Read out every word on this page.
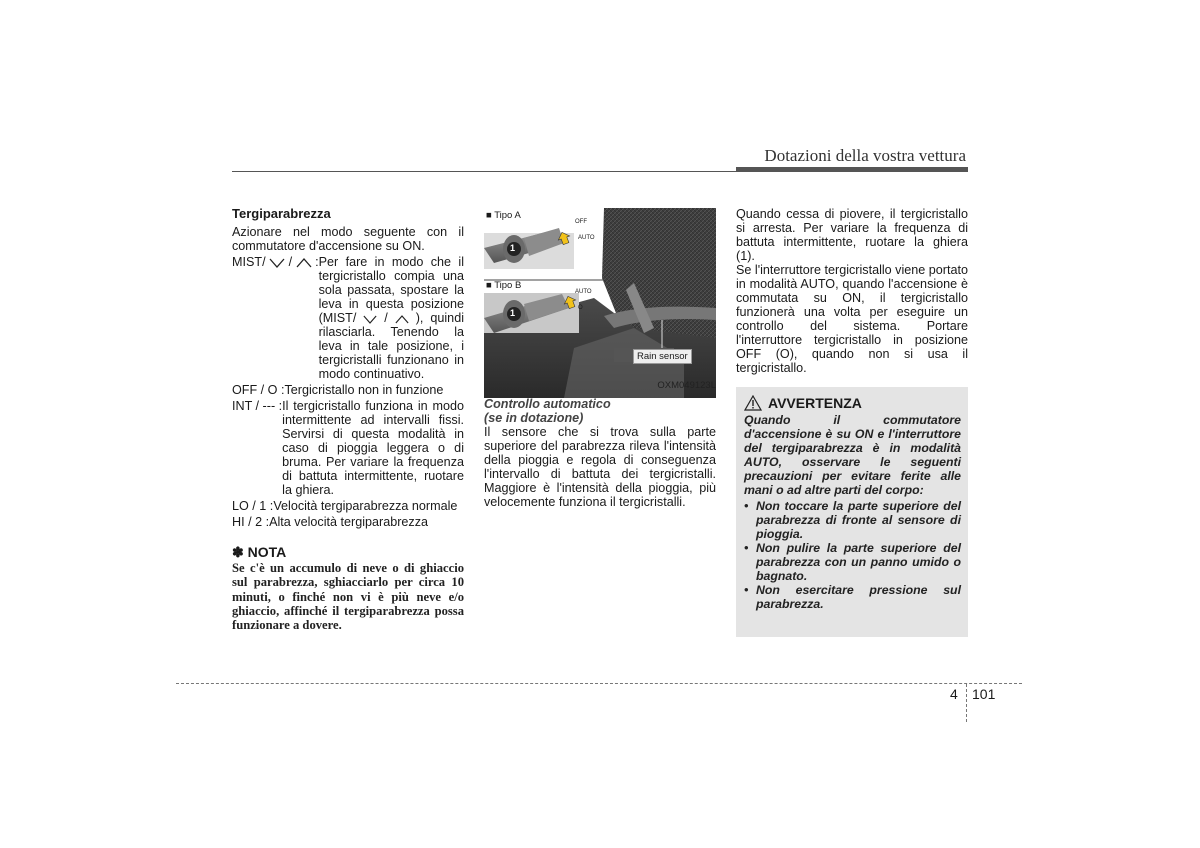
Dotazioni della vostra vettura
Tergiparabrezza
Azionare nel modo seguente con il commutatore d'accensione su ON.
MIST/  /  : Per fare in modo che il tergicristallo compia una sola passata, spostare la leva in questa posizione (MIST/  /  ), quindi rilasciarla. Tenendo la leva in tale posizione, i tergicristalli funzionano in modo continuativo.
OFF / O : Tergicristallo non in funzione
INT / --- : Il tergicristallo funziona in modo intermittente ad intervalli fissi. Servirsi di questa modalità in caso di pioggia leggera o di bruma. Per variare la frequenza di battuta intermittente, ruotare la ghiera.
LO / 1 : Velocità tergiparabrezza normale
HI / 2 : Alta velocità tergiparabrezza
✽ NOTA
Se c'è un accumulo di neve o di ghiaccio sul parabrezza, sghiacciarlo per circa 10 minuti, o finché non vi è più neve e/o ghiaccio, affinché il tergiparabrezza possa funzionare a dovere.
■ Tipo A
■ Tipo B
OFF
AUTO
AUTO
O
1
1
Rain sensor
OXM049123L
Controllo automatico
(se in dotazione)
Il sensore che si trova sulla parte superiore del parabrezza rileva l'intensità della pioggia e regola di conseguenza l'intervallo di battuta dei tergicristalli. Maggiore è l'intensità della pioggia, più velocemente funziona il tergicristalli.
Quando cessa di piovere, il tergicristallo si arresta. Per variare la frequenza di battuta intermittente, ruotare la ghiera (1).
Se l'interruttore tergicristallo viene portato in modalità AUTO, quando l'accensione è commutata su ON, il tergicristallo funzionerà una volta per eseguire un controllo del sistema. Portare l'interruttore tergicristallo in posizione OFF (O), quando non si usa il tergicristallo.
AVVERTENZA
Quando il commutatore d'accensione è su ON e l'interruttore del tergiparabrezza è in modalità AUTO, osservare le seguenti precauzioni per evitare ferite alle mani o ad altre parti del corpo:
• Non toccare la parte superiore del parabrezza di fronte al sensore di pioggia.
• Non pulire la parte superiore del parabrezza con un panno umido o bagnato.
• Non esercitare pressione sul parabrezza.
4 101
